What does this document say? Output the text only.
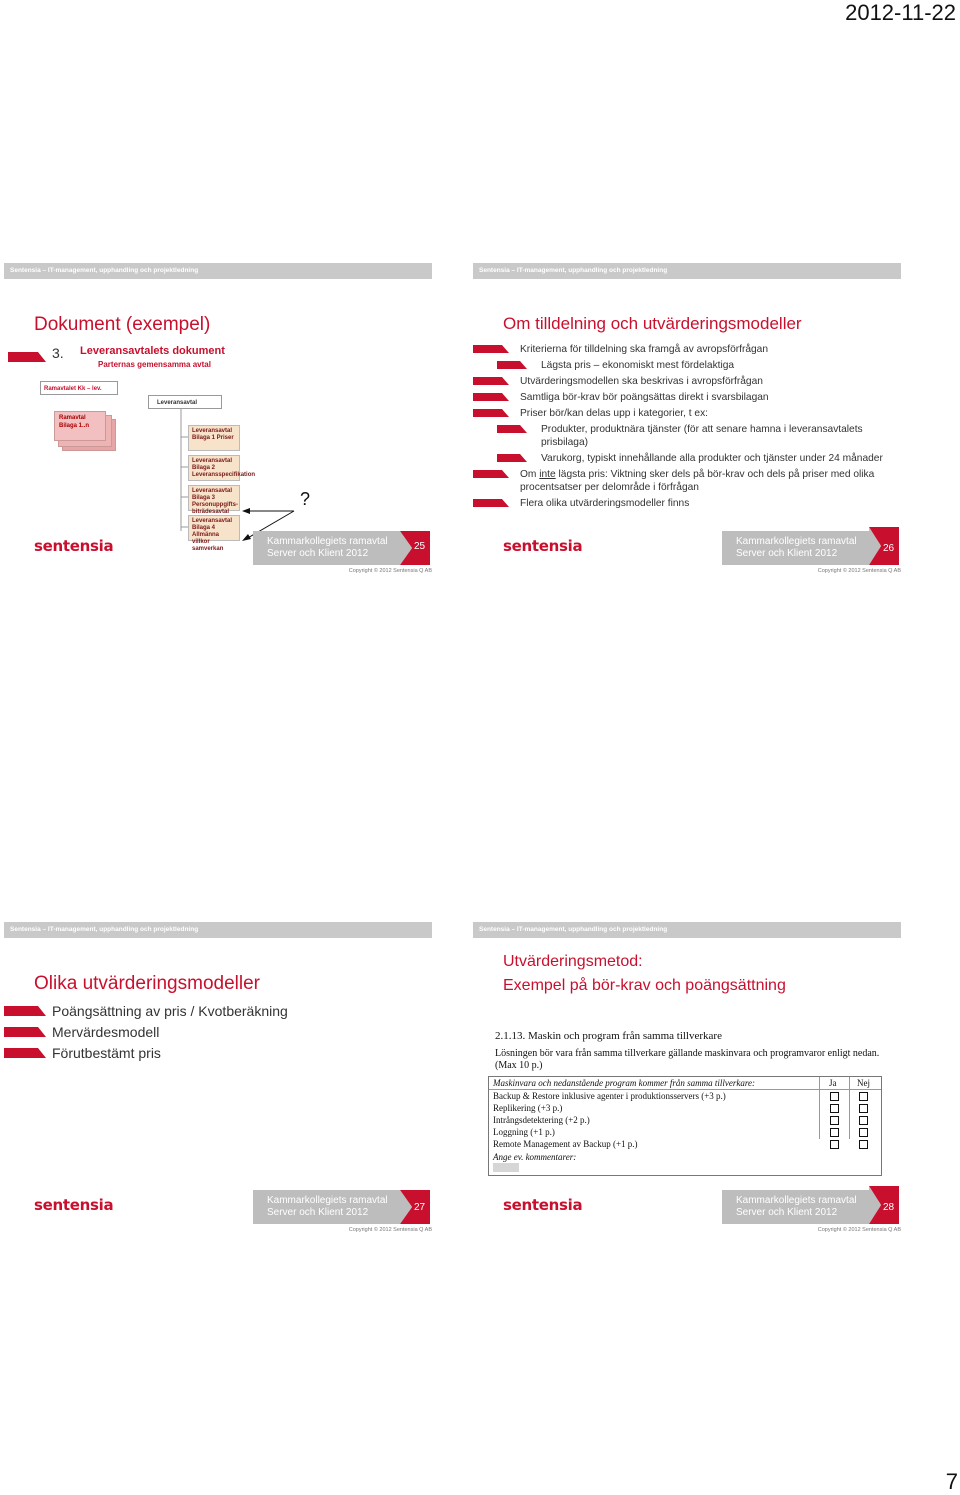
2012-11-22
Sentensia – IT-management, upphandling och projektledning
Dokument (exempel)
3. Leveransavtalets dokument
Parternas gemensamma avtal
Ramavtalet Kk – lev.
Ramavtal Bilaga 1..n
Leveransavtal
Leveransavtal Bilaga 1 Priser
Leveransavtal Bilaga 2 Leveransspecifikation
Leveransavtal Bilaga 3 Personuppgifts-biträdesavtal
Leveransavtal Bilaga 4 Allmänna villkor samverkan
?
sentensia	Kammarkollegiets ramavtal
Server och Klient 2012
25
Copyright © 2012 Sentensia Q AB
Sentensia – IT-management, upphandling och projektledning
Om tilldelning och utvärderingsmodeller
Kriterierna för tilldelning ska framgå av avropsförfrågan
Lägsta pris – ekonomiskt mest fördelaktiga
Utvärderingsmodellen ska beskrivas i avropsförfrågan
Samtliga bör-krav bör poängsättas direkt i svarsbilagan
Priser bör/kan delas upp i kategorier, t ex:
Produkter, produktnära tjänster (för att senare hamna i leveransavtalets prisbilaga)
Varukorg, typiskt innehållande alla produkter och tjänster under 24 månader
Om inte lägsta pris: Viktning sker dels på bör-krav och dels på priser med olika procentsatser per delområde i förfrågan
Flera olika utvärderingsmodeller finns
sentensia	Kammarkollegiets ramavtal
Server och Klient 2012	26
Copyright © 2012 Sentensia Q AB
Sentensia – IT-management, upphandling och projektledning
Olika utvärderingsmodeller
Poängsättning av pris / Kvotberäkning
Mervärdesmodell
Förutbestämt pris
sentensia	Kammarkollegiets ramavtal
Server och Klient 2012	27
Copyright © 2012 Sentensia Q AB
Sentensia – IT-management, upphandling och projektledning
Utvärderingsmetod:
Exempel på bör-krav och poängsättning
2.1.13. Maskin och program från samma tillverkare
Lösningen bör vara från samma tillverkare gällande maskinvara och programvaror enligt nedan. (Max 10 p.)
sentensia	Kammarkollegiets ramavtal
Server och Klient 2012	28
Copyright © 2012 Sentensia Q AB
Maskinvara och nedanstående program kommer från samma tillverkare:	Ja Nej
Backup & Restore inklusive agenter i produktionsservers (+3 p.)
Replikering (+3 p.)
Intrångsdetektering (+2 p.)
Loggning (+1 p.)
Remote Management av Backup (+1 p.)
Ange ev. kommentarer:
7
